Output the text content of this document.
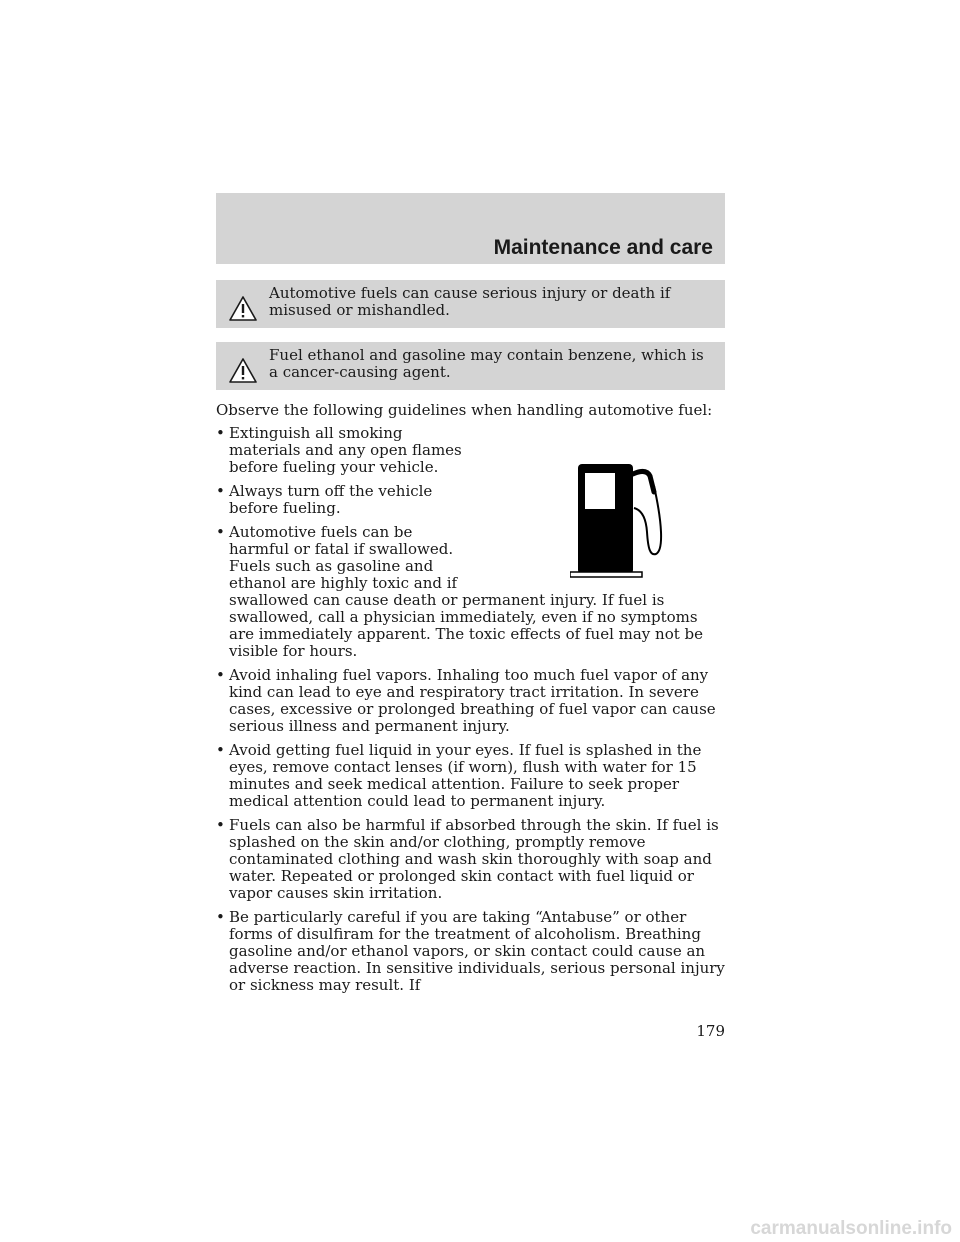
Maintenance and care
Automotive fuels can cause serious injury or death if misused or mishandled.
Fuel ethanol and gasoline may contain benzene, which is a cancer-causing agent.
Observe the following guidelines when handling automotive fuel:
• Extinguish all smoking materials and any open flames before fueling your vehicle.
• Always turn off the vehicle before fueling.
• Automotive fuels can be harmful or fatal if swallowed. Fuels such as gasoline and ethanol are highly toxic and if swallowed can cause death or permanent injury. If fuel is swallowed, call a physician immediately, even if no symptoms are immediately apparent. The toxic effects of fuel may not be visible for hours.
• Avoid inhaling fuel vapors. Inhaling too much fuel vapor of any kind can lead to eye and respiratory tract irritation. In severe cases, excessive or prolonged breathing of fuel vapor can cause serious illness and permanent injury.
• Avoid getting fuel liquid in your eyes. If fuel is splashed in the eyes, remove contact lenses (if worn), flush with water for 15 minutes and seek medical attention. Failure to seek proper medical attention could lead to permanent injury.
• Fuels can also be harmful if absorbed through the skin. If fuel is splashed on the skin and/or clothing, promptly remove contaminated clothing and wash skin thoroughly with soap and water. Repeated or prolonged skin contact with fuel liquid or vapor causes skin irritation.
• Be particularly careful if you are taking “Antabuse” or other forms of disulfiram for the treatment of alcoholism. Breathing gasoline and/or ethanol vapors, or skin contact could cause an adverse reaction. In sensitive individuals, serious personal injury or sickness may result. If
179
carmanualsonline.info
